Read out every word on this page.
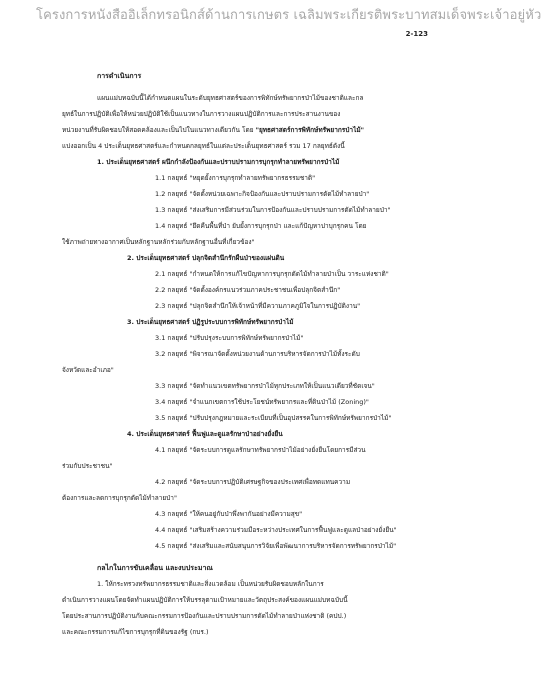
โครงการหนังสืออิเล็กทรอนิกส์ด้านการเกษตร เฉลิมพระเกียรติพระบาทสมเด็จพระเจ้าอยู่หัว
2-123
การดำเนินการ
แผนแม่บทฉบับนี้ได้กำหนดแผนในระดับยุทธศาสตร์ของการพิทักษ์ทรัพยากรป่าไม้ของชาติและกล
ยุทธ์ในการปฏิบัติเพื่อให้หน่วยปฏิบัติใช้เป็นแนวทางในการวางแผนปฏิบัติการและการประสานงานของ
หน่วยงานที่รับผิดชอบให้สอดคล้องและเป็นไปในแนวทางเดียวกัน โดย "ยุทธศาสตร์การพิทักษ์ทรัพยากรป่าไม้"
แบ่งออกเป็น 4 ประเด็นยุทธศาสตร์และกำหนดกลยุทธ์ในแต่ละประเด็นยุทธศาสตร์ รวม 17 กลยุทธ์ดังนี้
1. ประเด็นยุทธศาสตร์ ผนึกกำลังป้องกันและปราบปรามการบุกรุกทำลายทรัพยากรป่าไม้
1.1 กลยุทธ์ "หยุดยั้งการบุกรุกทำลายทรัพยากรธรรมชาติ"
1.2 กลยุทธ์ "จัดตั้งหน่วยเฉพาะกิจป้องกันและปราบปรามการตัดไม้ทำลายป่า"
1.3 กลยุทธ์ "ส่งเสริมการมีส่วนร่วมในการป้องกันและปราบปรามการตัดไม้ทำลายป่า"
1.4 กลยุทธ์ "ยึดคืนพื้นที่ป่า ยับยั้งการบุกรุกป่า และแก้ปัญหาปาบุกรุกคน โดย
ใช้ภาพถ่ายทางอากาศเป็นหลักฐานหลักร่วมกับหลักฐานอื่นที่เกี่ยวข้อง"
2. ประเด็นยุทธศาสตร์ ปลุกจิตสำนึกรักผืนป่าของแผ่นดิน
2.1 กลยุทธ์ "กำหนดให้การแก้ไขปัญหาการบุกรุกตัดไม้ทำลายป่าเป็น วาระแห่งชาติ"
2.2 กลยุทธ์ "จัดตั้งองค์กรแนวร่วมภาคประชาชนเพื่อปลุกจิตสำนึก"
2.3 กลยุทธ์ "ปลุกจิตสำนึกให้เจ้าหน้าที่มีความภาคภูมิใจในการปฏิบัติงาน"
3. ประเด็นยุทธศาสตร์ ปฏิรูประบบการพิทักษ์ทรัพยากรป่าไม้
3.1 กลยุทธ์ "ปรับปรุงระบบการพิทักษ์ทรัพยากรป่าไม้"
3.2 กลยุทธ์ "พิจารณาจัดตั้งหน่วยงานด้านการบริหารจัดการป่าไม้ทั้งระดับ
จังหวัดและอำเภอ"
3.3 กลยุทธ์ "จัดทำแนวเขตทรัพยากรป่าไม้ทุกประเภทให้เป็นแนวเดียวที่ชัดเจน"
3.4 กลยุทธ์ "จำแนกเขตการใช้ประโยชน์ทรัพยากรและที่ดินป่าไม้ (Zoning)"
3.5 กลยุทธ์ "ปรับปรุงกฎหมายและระเบียบที่เป็นอุปสรรคในการพิทักษ์ทรัพยากรป่าไม้"
4. ประเด็นยุทธศาสตร์ ฟื้นฟูและดูแลรักษาป่าอย่างยั่งยืน
4.1 กลยุทธ์ "จัดระบบการดูแลรักษาทรัพยากรป่าไม้อย่างยั่งยืนโดยการมีส่วน
ร่วมกับประชาชน"
4.2 กลยุทธ์ "จัดระบบการปฏิบัติเศรษฐกิจของประเทศเพื่อทดแทนความ
ต้องการและลดการบุกรุกตัดไม้ทำลายป่า"
4.3 กลยุทธ์ "ให้คนอยู่กับป่าพึ่งพากันอย่างมีความสุข"
4.4 กลยุทธ์ "เสริมสร้างความร่วมมือระหว่างประเทศในการฟื้นฟูและดูแลป่าอย่างยั่งยืน"
4.5 กลยุทธ์ "ส่งเสริมและสนับสนุนการวิจัยเพื่อพัฒนาการบริหารจัดการทรัพยากรป่าไม้"
กลไกในการขับเคลื่อน และงบประมาณ
1. ให้กระทรวงทรัพยากรธรรมชาติและสิ่งแวดล้อม เป็นหน่วยรับผิดชอบหลักในการ
ดำเนินการวางแผนโดยจัดทำแผนปฏิบัติการให้บรรลุตามเป้าหมายและวัตถุประสงค์ของแผนแม่บทฉบับนี้
โดยประสานการปฏิบัติงานกับคณะกรรมการป้องกันและปราบปรามการตัดไม้ทำลายป่าแห่งชาติ (คปป.)
และคณะกรรมการแก้ไขการบุกรุกที่ดินของรัฐ (กบร.)
